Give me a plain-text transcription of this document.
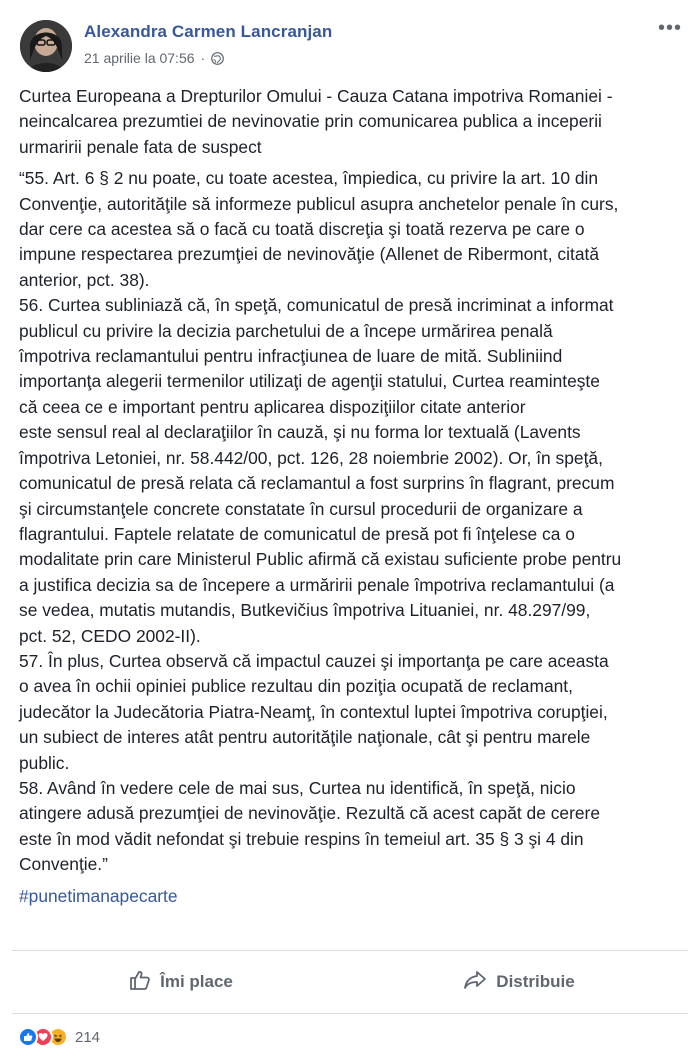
Alexandra Carmen Lancranjan
21 aprilie la 07:56 ·
•••
Curtea Europeana a Drepturilor Omului - Cauza Catana impotriva Romaniei -
neincalcarea prezumtiei de nevinovatie prin comunicarea publica a inceperii
urmaririi penale fata de suspect
“55. Art. 6 § 2 nu poate, cu toate acestea, împiedica, cu privire la art. 10 din
Convenţie, autorităţile să informeze publicul asupra anchetelor penale în curs,
dar cere ca acestea să o facă cu toată discreţia şi toată rezerva pe care o
impune respectarea prezumţiei de nevinovăţie (Allenet de Ribermont, citată
anterior, pct. 38).
56. Curtea subliniază că, în speţă, comunicatul de presă incriminat a informat
publicul cu privire la decizia parchetului de a începe urmărirea penală
împotriva reclamantului pentru infracţiunea de luare de mită. Subliniind
importanţa alegerii termenilor utilizaţi de agenţii statului, Curtea reaminteşte
că ceea ce e important pentru aplicarea dispoziţiilor citate anterior
este sensul real al declaraţiilor în cauză, şi nu forma lor textuală (Lavents
împotriva Letoniei, nr. 58.442/00, pct. 126, 28 noiembrie 2002). Or, în speţă,
comunicatul de presă relata că reclamantul a fost surprins în flagrant, precum
şi circumstanţele concrete constatate în cursul procedurii de organizare a
flagrantului. Faptele relatate de comunicatul de presă pot fi înţelese ca o
modalitate prin care Ministerul Public afirmă că existau suficiente probe pentru
a justifica decizia sa de începere a urmăririi penale împotriva reclamantului (a
se vedea, mutatis mutandis, Butkevičius împotriva Lituaniei, nr. 48.297/99,
pct. 52, CEDO 2002-II).
57. În plus, Curtea observă că impactul cauzei şi importanţa pe care aceasta
o avea în ochii opiniei publice rezultau din poziţia ocupată de reclamant,
judecător la Judecătoria Piatra-Neamţ, în contextul luptei împotriva corupţiei,
un subiect de interes atât pentru autorităţile naţionale, cât şi pentru marele
public.
58. Având în vedere cele de mai sus, Curtea nu identifică, în speţă, nicio
atingere adusă prezumţiei de nevinovăţie. Rezultă că acest capăt de cerere
este în mod vădit nefondat şi trebuie respins în temeiul art. 35 § 3 şi 4 din
Convenţie.”
#punetimanapecarte
Îmi place	Distribuie
214
